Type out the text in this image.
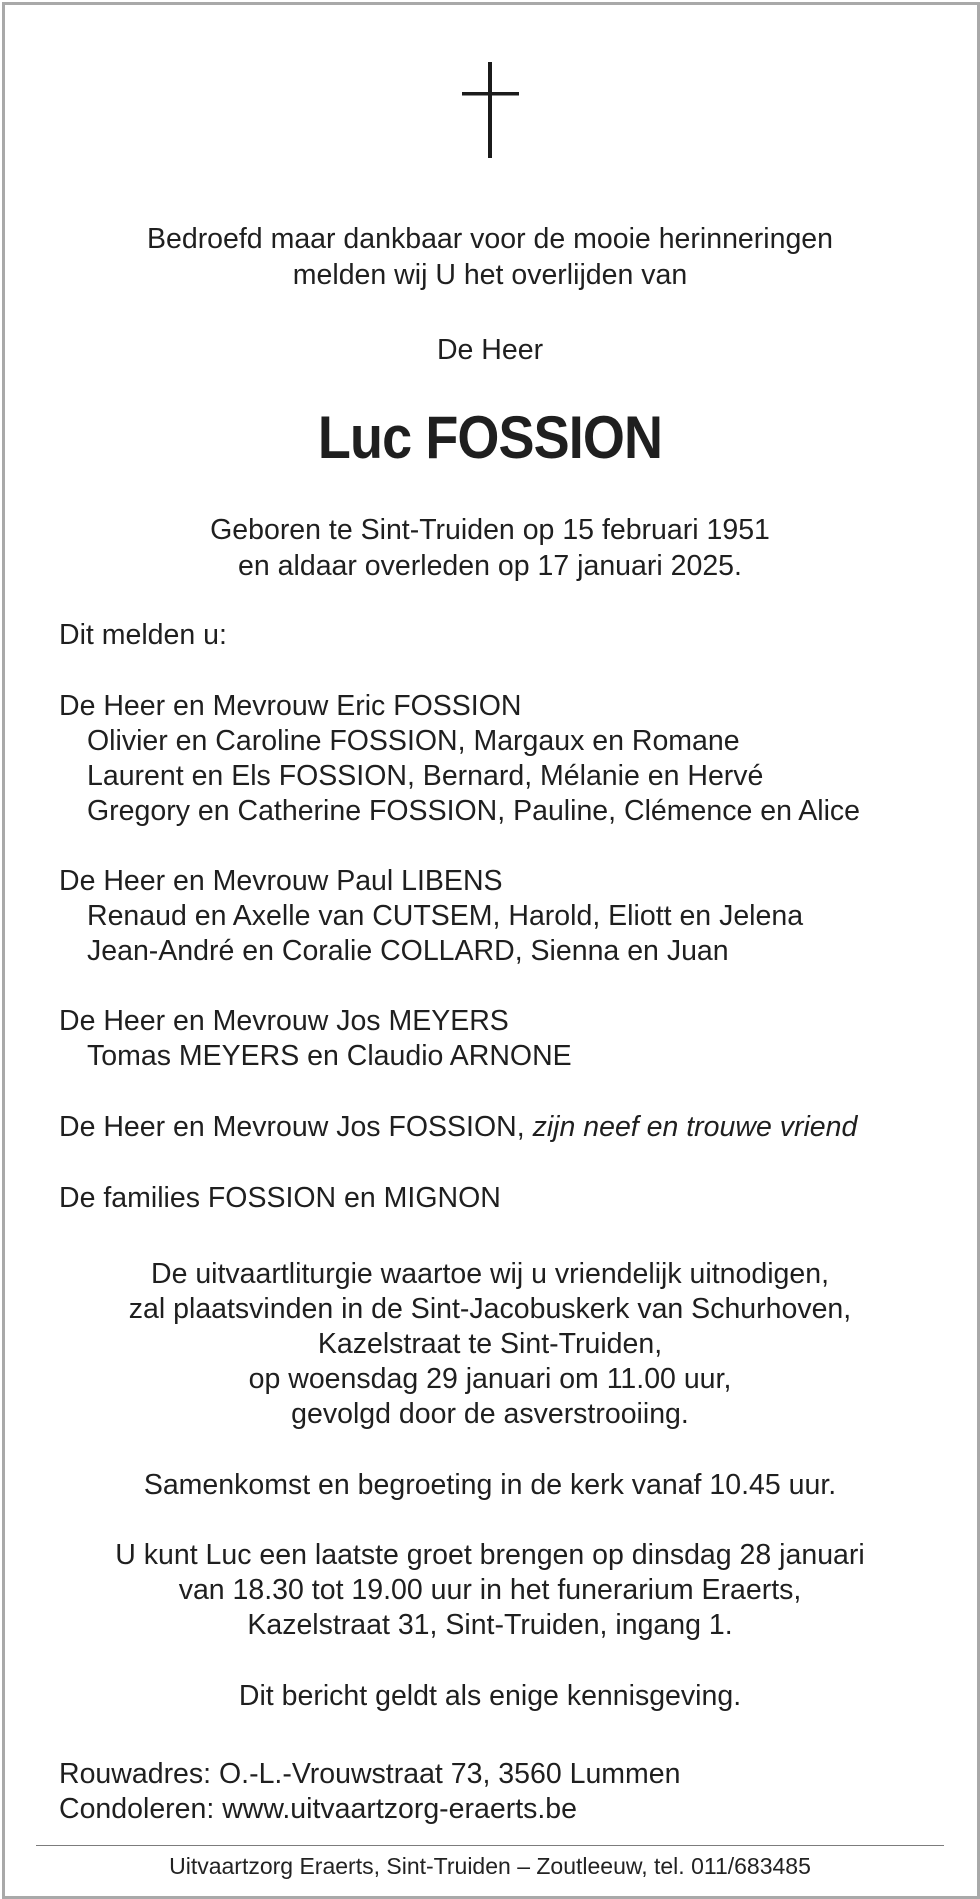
Bedroefd maar dankbaar voor de mooie herinneringen

melden wij U het overlijden van

De Heer

Luc FOSSION

Geboren te Sint-Truiden op 15 februari 1951

en aldaar overleden op 17 januari 2025.

Dit melden u:

De Heer en Mevrouw Eric FOSSION

Olivier en Caroline FOSSION, Margaux en Romane

Laurent en Els FOSSION, Bernard, Mélanie en Hervé

Gregory en Catherine FOSSION, Pauline, Clémence en Alice

De Heer en Mevrouw Paul LIBENS

Renaud en Axelle van CUTSEM, Harold, Eliott en Jelena

Jean-André en Coralie COLLARD, Sienna en Juan

De Heer en Mevrouw Jos MEYERS

Tomas MEYERS en Claudio ARNONE

De Heer en Mevrouw Jos FOSSION, zijn neef en trouwe vriend

De families FOSSION en MIGNON

De uitvaartliturgie waartoe wij u vriendelijk uitnodigen,

zal plaatsvinden in de Sint-Jacobuskerk van Schurhoven,

Kazelstraat te Sint-Truiden,

op woensdag 29 januari om 11.00 uur,

gevolgd door de asverstrooiing.

Samenkomst en begroeting in de kerk vanaf 10.45 uur.

U kunt Luc een laatste groet brengen op dinsdag 28 januari

van 18.30 tot 19.00 uur in het funerarium Eraerts,

Kazelstraat 31, Sint-Truiden, ingang 1.

Dit bericht geldt als enige kennisgeving.

Rouwadres: O.-L.-Vrouwstraat 73, 3560 Lummen

Condoleren: www.uitvaartzorg-eraerts.be

Uitvaartzorg Eraerts, Sint-Truiden – Zoutleeuw, tel. 011/683485
